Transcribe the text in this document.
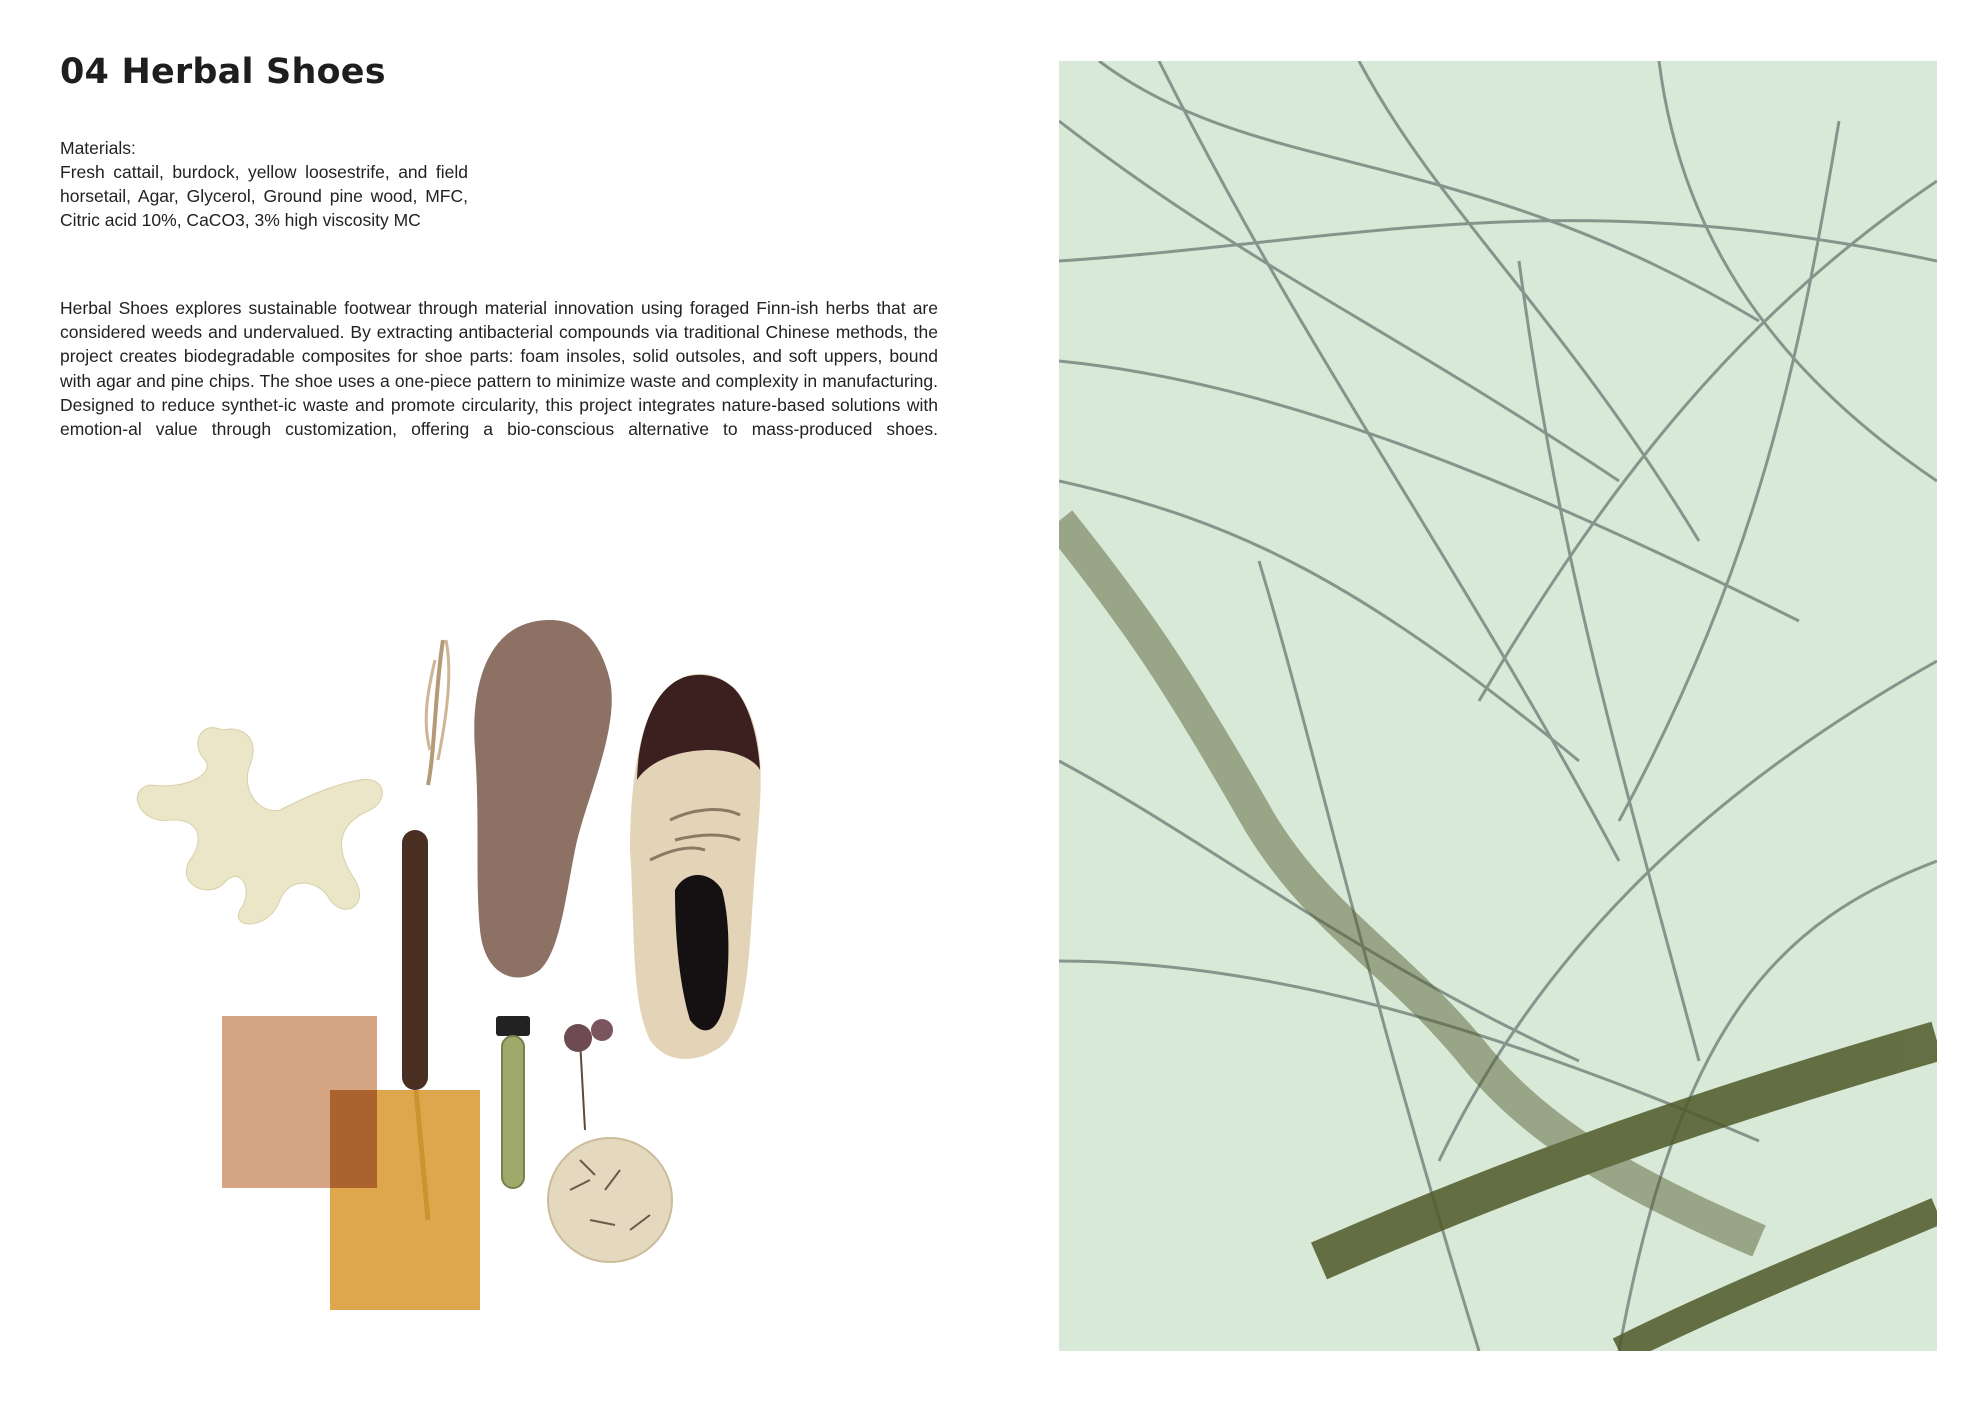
04 Herbal Shoes
Materials:
Fresh cattail, burdock, yellow loosestrife, and field horsetail, Agar, Glycerol, Ground pine wood, MFC, Citric acid 10%, CaCO3, 3% high viscosity MC

Herbal Shoes explores sustainable footwear through material innovation using foraged Finn-ish herbs that are considered weeds and undervalued. By extracting antibacterial compounds via traditional Chinese methods, the project creates biodegradable composites for shoe parts: foam insoles, solid outsoles, and soft uppers, bound with agar and pine chips. The shoe uses a one-piece pattern to minimize waste and complexity in manufacturing. Designed to reduce synthet-ic waste and promote circularity, this project integrates nature-based solutions with emotion-al value through customization, offering a bio-conscious alternative to mass-produced shoes.
